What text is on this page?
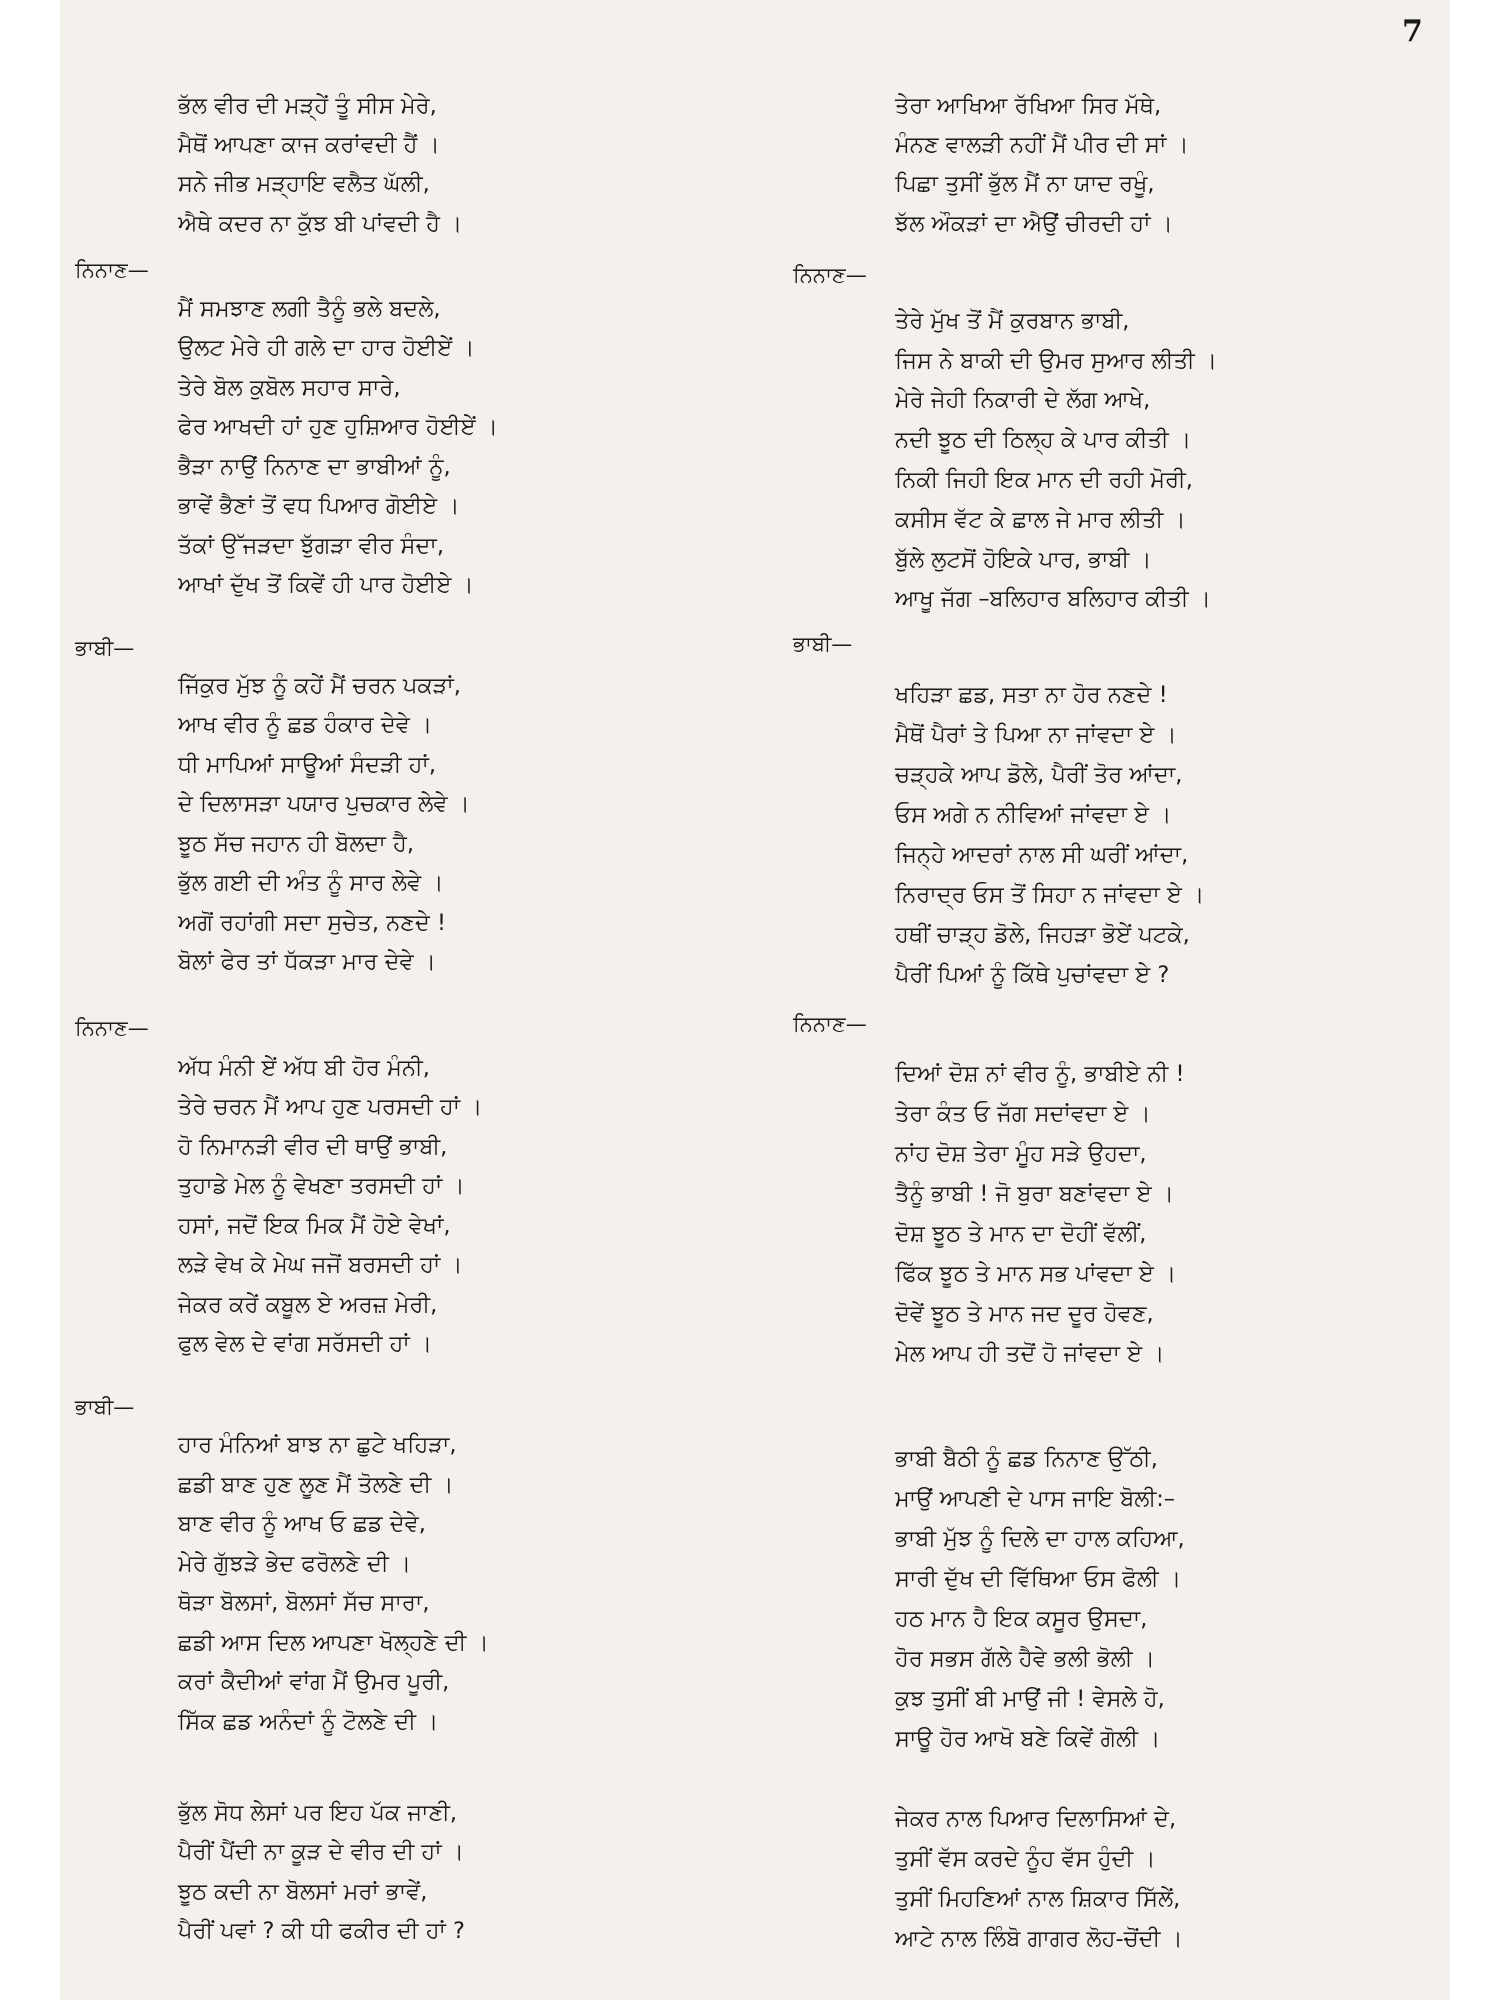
7
ਭੱਲ ਵੀਰ ਦੀ ਮੜ੍ਹੇਂ ਤੂੰ ਸੀਸ ਮੇਰੇ,
ਮੈਥੋਂ ਆਪਣਾ ਕਾਜ ਕਰਾਂਵਦੀ ਹੈਂ ।
ਸਨੇ ਜੀਭ ਮੜ੍ਹਾਇ ਵਲੈਤ ਘੱਲੀ,
ਐਥੇ ਕਦਰ ਨਾ ਕੁੱਝ ਬੀ ਪਾਂਵਦੀ ਹੈ ।
ਨਿਨਾਣ—
ਮੈਂ ਸਮਝਾਣ ਲਗੀ ਤੈਨੂੰ ਭਲੇ ਬਦਲੇ,
ਉਲਟ ਮੇਰੇ ਹੀ ਗਲੇ ਦਾ ਹਾਰ ਹੋਈਏਂ ।
ਤੇਰੇ ਬੋਲ ਕੁਬੋਲ ਸਹਾਰ ਸਾਰੇ,
ਫੇਰ ਆਖਦੀ ਹਾਂ ਹੁਣ ਹੁਸ਼ਿਆਰ ਹੋਈਏਂ ।
ਭੈੜਾ ਨਾਉਂ ਨਿਨਾਣ ਦਾ ਭਾਬੀਆਂ ਨੂੰ,
ਭਾਵੇਂ ਭੈਣਾਂ ਤੋਂ ਵਧ ਪਿਆਰ ਗੋਈਏ ।
ਤੱਕਾਂ ਉੱਜੜਦਾ ਝੁੱਗੜਾ ਵੀਰ ਸੰਦਾ,
ਆਖਾਂ ਦੁੱਖ ਤੋਂ ਕਿਵੇਂ ਹੀ ਪਾਰ ਹੋਈਏ ।
ਭਾਬੀ—
ਜਿੱਕੁਰ ਮੁੱਝ ਨੂੰ ਕਹੇਂ ਮੈਂ ਚਰਨ ਪਕੜਾਂ,
ਆਖ ਵੀਰ ਨੂੰ ਛਡ ਹੰਕਾਰ ਦੇਵੇ ।
ਧੀ ਮਾਪਿਆਂ ਸਾਊਆਂ ਸੰਦੜੀ ਹਾਂ,
ਦੇ ਦਿਲਾਸੜਾ ਪਯਾਰ ਪੁਚਕਾਰ ਲੇਵੇ ।
ਝੂਠ ਸੱਚ ਜਹਾਨ ਹੀ ਬੋਲਦਾ ਹੈ,
ਭੁੱਲ ਗਈ ਦੀ ਅੰਤ ਨੂੰ ਸਾਰ ਲੇਵੇ ।
ਅਗੋਂ ਰਹਾਂਗੀ ਸਦਾ ਸੁਚੇਤ, ਨਣਦੇ !
ਬੋਲਾਂ ਫੇਰ ਤਾਂ ਧੱਕੜਾ ਮਾਰ ਦੇਵੇ ।
ਨਿਨਾਣ—
ਅੱਧ ਮੰਨੀ ਏਂ ਅੱਧ ਬੀ ਹੋਰ ਮੰਨੀ,
ਤੇਰੇ ਚਰਨ ਮੈਂ ਆਪ ਹੁਣ ਪਰਸਦੀ ਹਾਂ ।
ਹੋ ਨਿਮਾਨੜੀ ਵੀਰ ਦੀ ਥਾਉਂ ਭਾਬੀ,
ਤੁਹਾਡੇ ਮੇਲ ਨੂੰ ਵੇਖਣਾ ਤਰਸਦੀ ਹਾਂ ।
ਹਸਾਂ, ਜਦੋਂ ਇਕ ਮਿਕ ਮੈਂ ਹੋਏ ਵੇਖਾਂ,
ਲੜੇ ਵੇਖ ਕੇ ਮੇਘ ਜਜੋਂ ਬਰਸਦੀ ਹਾਂ ।
ਜੇਕਰ ਕਰੇਂ ਕਬੂਲ ਏ ਅਰਜ਼ ਮੇਰੀ,
ਫੁਲ ਵੇਲ ਦੇ ਵਾਂਗ ਸਰੱਸਦੀ ਹਾਂ ।
ਭਾਬੀ—
ਹਾਰ ਮੰਨਿਆਂ ਬਾਝ ਨਾ ਛੁਟੇ ਖਹਿੜਾ,
ਛਡੀ ਬਾਣ ਹੁਣ ਲੂਣ ਮੈਂ ਤੋਲਣੇ ਦੀ ।
ਬਾਣ ਵੀਰ ਨੂੰ ਆਖ ਓ ਛਡ ਦੇਵੇ,
ਮੇਰੇ ਗੁੱਝੜੇ ਭੇਦ ਫਰੋਲਣੇ ਦੀ ।
ਥੋੜਾ ਬੋਲਸਾਂ, ਬੋਲਸਾਂ ਸੱਚ ਸਾਰਾ,
ਛਡੀ ਆਸ ਦਿਲ ਆਪਣਾ ਖੋਲ੍ਹਣੇ ਦੀ ।
ਕਰਾਂ ਕੈਦੀਆਂ ਵਾਂਗ ਮੈਂ ਉਮਰ ਪੂਰੀ,
ਸਿੱਕ ਛਡ ਅਨੰਦਾਂ ਨੂੰ ਟੋਲਣੇ ਦੀ ।
ਭੁੱਲ ਸੋਧ ਲੇਸਾਂ ਪਰ ਇਹ ਪੱਕ ਜਾਣੀ,
ਪੈਰੀਂ ਪੈਂਦੀ ਨਾ ਕੂੜ ਦੇ ਵੀਰ ਦੀ ਹਾਂ ।
ਝੂਠ ਕਦੀ ਨਾ ਬੋਲਸਾਂ ਮਰਾਂ ਭਾਵੇਂ,
ਪੈਰੀਂ ਪਵਾਂ ? ਕੀ ਧੀ ਫਕੀਰ ਦੀ ਹਾਂ ?
ਤੇਰਾ ਆਖਿਆ ਰੱਖਿਆ ਸਿਰ ਮੱਥੇ,
ਮੰਨਣ ਵਾਲੜੀ ਨਹੀਂ ਮੈਂ ਪੀਰ ਦੀ ਸਾਂ ।
ਪਿਛਾ ਤੁਸੀਂ ਭੁੱਲ ਮੈਂ ਨਾ ਯਾਦ ਰਖੂੰ,
ਝੱਲ ਔਕੜਾਂ ਦਾ ਐਉਂ ਚੀਰਦੀ ਹਾਂ ।
ਨਿਨਾਣ—
ਤੇਰੇ ਮੁੱਖ ਤੋਂ ਮੈਂ ਕੁਰਬਾਨ ਭਾਬੀ,
ਜਿਸ ਨੇ ਬਾਕੀ ਦੀ ਉਮਰ ਸੁਆਰ ਲੀਤੀ ।
ਮੇਰੇ ਜੇਹੀ ਨਿਕਾਰੀ ਦੇ ਲੱਗ ਆਖੇ,
ਨਦੀ ਝੂਠ ਦੀ ਠਿਲ੍ਹ ਕੇ ਪਾਰ ਕੀਤੀ ।
ਨਿਕੀ ਜਿਹੀ ਇਕ ਮਾਨ ਦੀ ਰਹੀ ਮੋਰੀ,
ਕਸੀਸ ਵੱਟ ਕੇ ਛਾਲ ਜੇ ਮਾਰ ਲੀਤੀ ।
ਬੁੱਲੇ ਲੁਟਸੋਂ ਹੋਇਕੇ ਪਾਰ, ਭਾਬੀ ।
ਆਖੂ ਜੱਗ –ਬਲਿਹਾਰ ਬਲਿਹਾਰ ਕੀਤੀ ।
ਭਾਬੀ—
ਖਹਿੜਾ ਛਡ, ਸਤਾ ਨਾ ਹੋਰ ਨਣਦੇ !
ਮੈਥੋਂ ਪੈਰਾਂ ਤੇ ਪਿਆ ਨਾ ਜਾਂਵਦਾ ਏ ।
ਚੜ੍ਹਕੇ ਆਪ ਡੋਲੇ, ਪੈਰੀਂ ਤੋਰ ਆਂਦਾ,
ਓਸ ਅਗੇ ਨ ਨੀਵਿਆਂ ਜਾਂਵਦਾ ਏ ।
ਜਿਨ੍ਹੇ ਆਦਰਾਂ ਨਾਲ ਸੀ ਘਰੀਂ ਆਂਦਾ,
ਨਿਰਾਦ੍ਰ ਓਸ ਤੋਂ ਸਿਹਾ ਨ ਜਾਂਵਦਾ ਏ ।
ਹਥੀਂ ਚਾੜ੍ਹ ਡੋਲੇ, ਜਿਹੜਾ ਭੋਏਂ ਪਟਕੇ,
ਪੈਰੀਂ ਪਿਆਂ ਨੂੰ ਕਿੱਥੇ ਪੁਚਾਂਵਦਾ ਏ ?
ਨਿਨਾਣ—
ਦਿਆਂ ਦੋਸ਼ ਨਾਂ ਵੀਰ ਨੂੰ, ਭਾਬੀਏ ਨੀ !
ਤੇਰਾ ਕੰਤ ਓ ਜੱਗ ਸਦਾਂਵਦਾ ਏ ।
ਨਾਂਹ ਦੋਸ਼ ਤੇਰਾ ਮੂੰਹ ਸੜੇ ਉਹਦਾ,
ਤੈਨੂੰ ਭਾਬੀ ! ਜੋ ਬੁਰਾ ਬਣਾਂਵਦਾ ਏ ।
ਦੋਸ਼ ਝੂਠ ਤੇ ਮਾਨ ਦਾ ਦੋਹੀਂ ਵੱਲੀਂ,
ਫਿੱਕ ਝੂਠ ਤੇ ਮਾਨ ਸਭ ਪਾਂਵਦਾ ਏ ।
ਦੋਵੇਂ ਝੂਠ ਤੇ ਮਾਨ ਜਦ ਦੂਰ ਹੋਵਣ,
ਮੇਲ ਆਪ ਹੀ ਤਦੋਂ ਹੋ ਜਾਂਵਦਾ ਏ ।
ਭਾਬੀ ਬੈਠੀ ਨੂੰ ਛਡ ਨਿਨਾਣ ਉੱਠੀ,
ਮਾਉਂ ਆਪਣੀ ਦੇ ਪਾਸ ਜਾਇ ਬੋਲੀ:–
ਭਾਬੀ ਮੁੱਝ ਨੂੰ ਦਿਲੇ ਦਾ ਹਾਲ ਕਹਿਆ,
ਸਾਰੀ ਦੁੱਖ ਦੀ ਵਿੱਥਿਆ ਓਸ ਫੋਲੀ ।
ਹਠ ਮਾਨ ਹੈ ਇਕ ਕਸੂਰ ਉਸਦਾ,
ਹੋਰ ਸਭਸ ਗੱਲੇ ਹੈਵੇ ਭਲੀ ਭੋਲੀ ।
ਕੁਝ ਤੁਸੀਂ ਬੀ ਮਾਉਂ ਜੀ ! ਵੇਸਲੇ ਹੋ,
ਸਾਊ ਹੋਰ ਆਖੋ ਬਣੇ ਕਿਵੇਂ ਗੋਲੀ ।
ਜੇਕਰ ਨਾਲ ਪਿਆਰ ਦਿਲਾਸਿਆਂ ਦੇ,
ਤੁਸੀਂ ਵੱਸ ਕਰਦੇ ਨੂੰਹ ਵੱਸ ਹੁੰਦੀ ।
ਤੁਸੀਂ ਮਿਹਣਿਆਂ ਨਾਲ ਸ਼ਿਕਾਰ ਸਿੱਲੇਂ,
ਆਟੇ ਨਾਲ ਲਿੰਬੋ ਗਾਗਰ ਲੋਹ-ਚੋਂਦੀ ।
